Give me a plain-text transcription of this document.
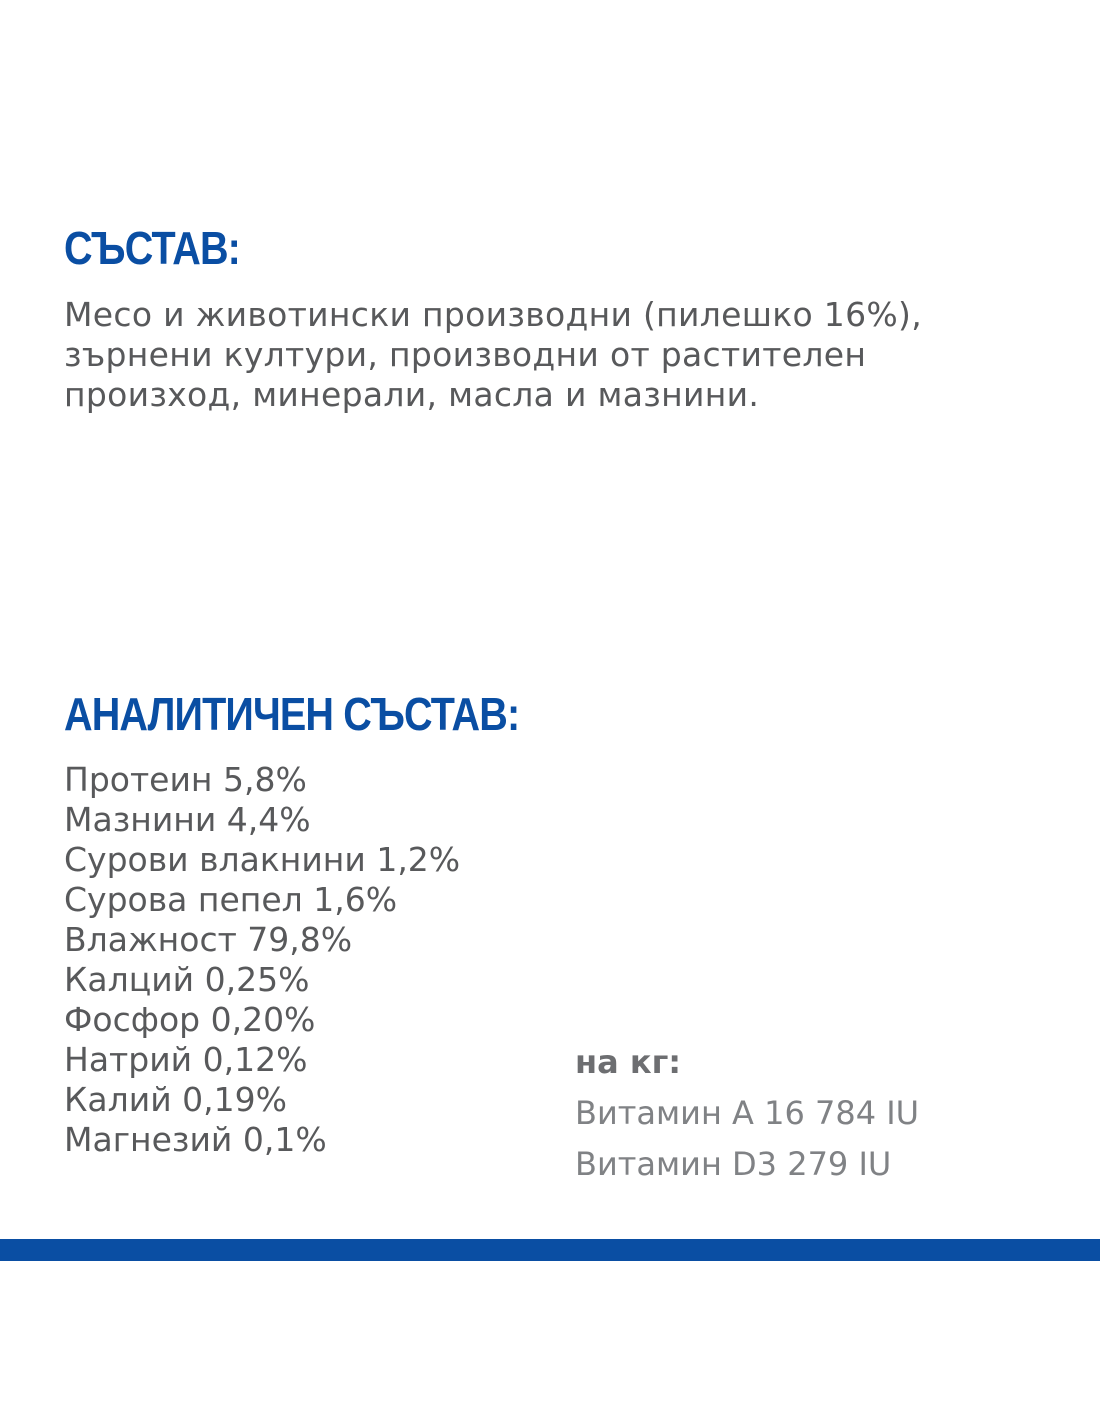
СЪСТАВ:

Месо и животински производни (пилешко 16%), зърнени култури, производни от растителен произход, минерали, масла и мазнини.

АНАЛИТИЧЕН СЪСТАВ:
Протеин 5,8%
Мазнини 4,4%
Сурови влакнини 1,2%
Сурова пепел 1,6%
Влажност 79,8%
Калций 0,25%
Фосфор 0,20%
Натрий 0,12%
Калий 0,19%
Магнезий 0,1%

на кг:

Витамин А 16 784 IU

Витамин D3 279 IU
